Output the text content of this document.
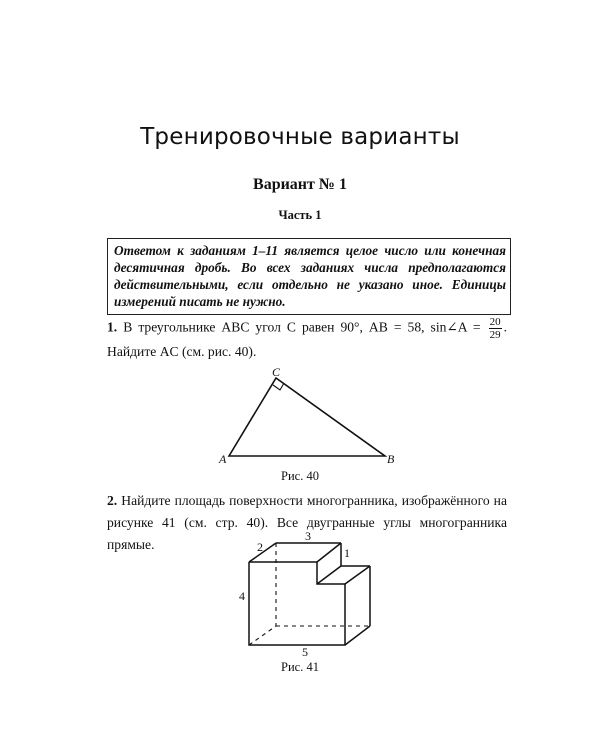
Тренировочные варианты
Вариант № 1
Часть 1
Ответом к заданиям 1–11 является целое число или конечная десятичная дробь. Во всех заданиях числа предполагаются действительными, если отдельно не указано иное. Единицы измерений писать не нужно.
1. В треугольнике ABC угол C равен 90°, AB = 58, sin∠A = $\frac{20}{29}$ . Найдите AC (см. рис. 40).
A	B
C
2
3
1
4
5
Рис. 40
2. Найдите площадь поверхности многогранника, изображённого на рисунке 41 (см. стр. 40). Все двугранные углы многогранника прямые.
Рис. 41
